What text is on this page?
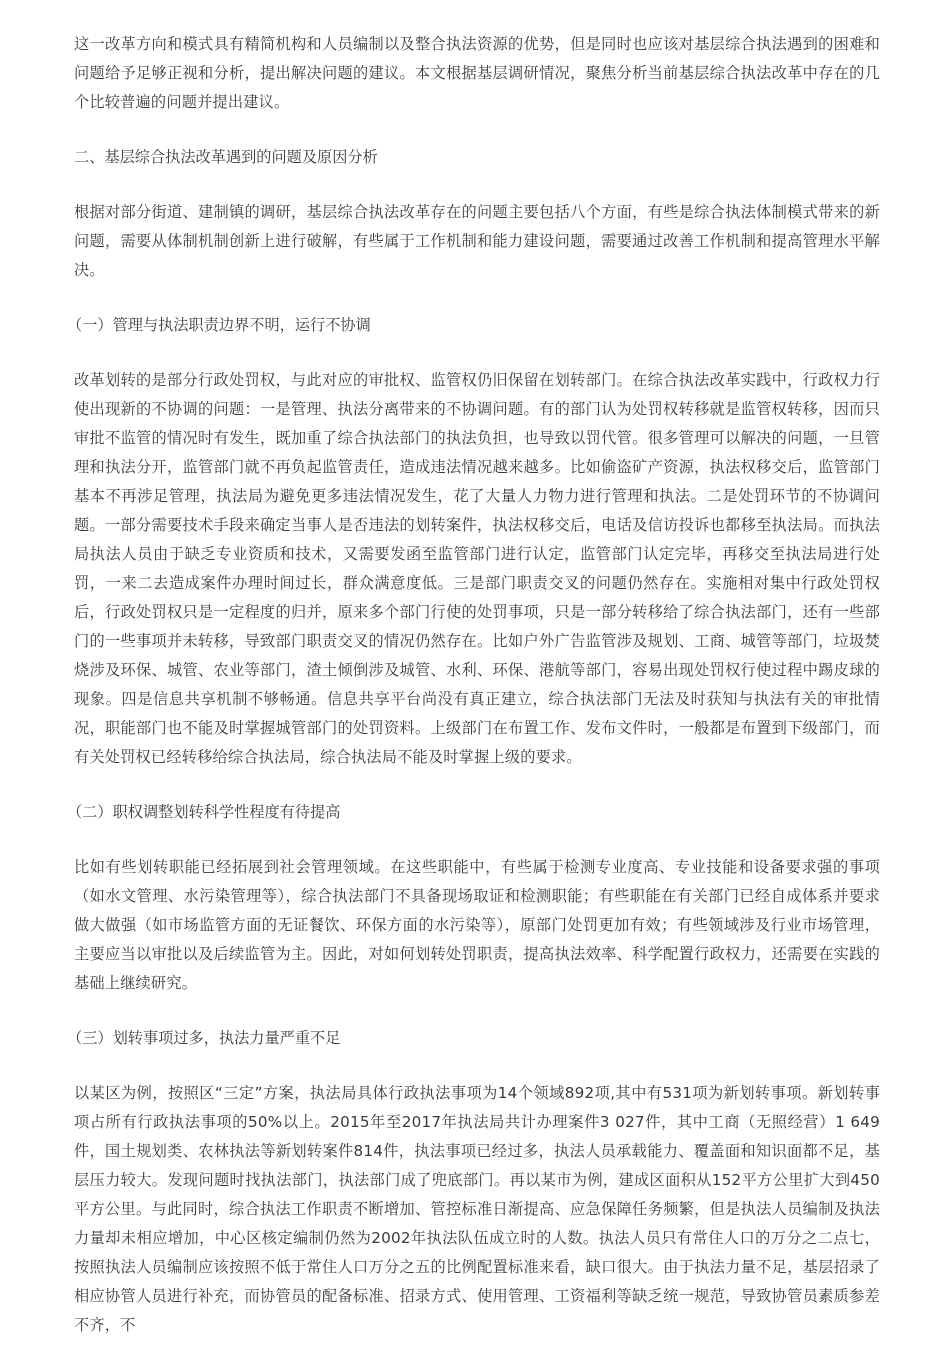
这一改革方向和模式具有精简机构和人员编制以及整合执法资源的优势，但是同时也应该对基层综合执法遇到的困难和问题给予足够正视和分析，提出解决问题的建议。本文根据基层调研情况，聚焦分析当前基层综合执法改革中存在的几个比较普遍的问题并提出建议。

二、基层综合执法改革遇到的问题及原因分析

根据对部分街道、建制镇的调研，基层综合执法改革存在的问题主要包括八个方面，有些是综合执法体制模式带来的新问题，需要从体制机制创新上进行破解，有些属于工作机制和能力建设问题，需要通过改善工作机制和提高管理水平解决。

（一）管理与执法职责边界不明，运行不协调

改革划转的是部分行政处罚权，与此对应的审批权、监管权仍旧保留在划转部门。在综合执法改革实践中，行政权力行使出现新的不协调的问题：一是管理、执法分离带来的不协调问题。有的部门认为处罚权转移就是监管权转移，因而只审批不监管的情况时有发生，既加重了综合执法部门的执法负担，也导致以罚代管。很多管理可以解决的问题，一旦管理和执法分开，监管部门就不再负起监管责任，造成违法情况越来越多。比如偷盗矿产资源，执法权移交后，监管部门基本不再涉足管理，执法局为避免更多违法情况发生，花了大量人力物力进行管理和执法。二是处罚环节的不协调问题。一部分需要技术手段来确定当事人是否违法的划转案件，执法权移交后，电话及信访投诉也都移至执法局。而执法局执法人员由于缺乏专业资质和技术，又需要发函至监管部门进行认定，监管部门认定完毕，再移交至执法局进行处罚，一来二去造成案件办理时间过长，群众满意度低。三是部门职责交叉的问题仍然存在。实施相对集中行政处罚权后，行政处罚权只是一定程度的归并，原来多个部门行使的处罚事项，只是一部分转移给了综合执法部门，还有一些部门的一些事项并未转移，导致部门职责交叉的情况仍然存在。比如户外广告监管涉及规划、工商、城管等部门，垃圾焚烧涉及环保、城管、农业等部门，渣土倾倒涉及城管、水利、环保、港航等部门，容易出现处罚权行使过程中踢皮球的现象。四是信息共享机制不够畅通。信息共享平台尚没有真正建立，综合执法部门无法及时获知与执法有关的审批情况，职能部门也不能及时掌握城管部门的处罚资料。上级部门在布置工作、发布文件时，一般都是布置到下级部门，而有关处罚权已经转移给综合执法局，综合执法局不能及时掌握上级的要求。

（二）职权调整划转科学性程度有待提高

比如有些划转职能已经拓展到社会管理领域。在这些职能中，有些属于检测专业度高、专业技能和设备要求强的事项（如水文管理、水污染管理等），综合执法部门不具备现场取证和检测职能；有些职能在有关部门已经自成体系并要求做大做强（如市场监管方面的无证餐饮、环保方面的水污染等），原部门处罚更加有效；有些领域涉及行业市场管理，主要应当以审批以及后续监管为主。因此，对如何划转处罚职责，提高执法效率、科学配置行政权力，还需要在实践的基础上继续研究。

（三）划转事项过多，执法力量严重不足

以某区为例，按照区“三定”方案，执法局具体行政执法事项为14个领域892项,其中有531项为新划转事项。新划转事项占所有行政执法事项的50%以上。2015年至2017年执法局共计办理案件3 027件，其中工商（无照经营）1 649件，国土规划类、农林执法等新划转案件814件，执法事项已经过多，执法人员承载能力、覆盖面和知识面都不足，基层压力较大。发现问题时找执法部门，执法部门成了兜底部门。再以某市为例，建成区面积从152平方公里扩大到450平方公里。与此同时，综合执法工作职责不断增加、管控标准日渐提高、应急保障任务频繁，但是执法人员编制及执法力量却未相应增加，中心区核定编制仍然为2002年执法队伍成立时的人数。执法人员只有常住人口的万分之二点七，按照执法人员编制应该按照不低于常住人口万分之五的比例配置标准来看，缺口很大。由于执法力量不足，基层招录了相应协管人员进行补充，而协管员的配备标准、招录方式、使用管理、工资福利等缺乏统一规范，导致协管员素质参差不齐，不
